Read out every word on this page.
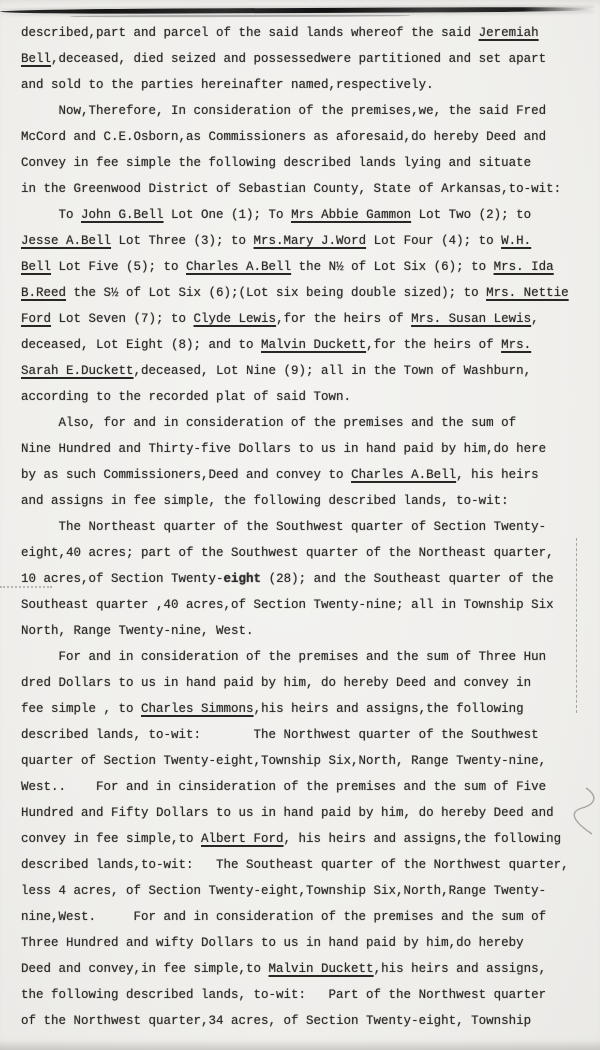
described,part and parcel of the said lands whereof the said Jeremiah
Bell,deceased, died seized and possessedwere partitioned and set apart
and sold to the parties hereinafter named,respectively.
Now,Therefore, In consideration of the premises,we, the said Fred
McCord and C.E.Osborn,as Commissioners as aforesaid,do hereby Deed and
Convey in fee simple the following described lands lying and situate
in the Greenwood District of Sebastian County, State of Arkansas,to-wit:
To John G.Bell Lot One (1); To Mrs Abbie Gammon Lot Two (2); to
Jesse A.Bell Lot Three (3); to Mrs.Mary J.Word Lot Four (4); to W.H.
Bell Lot Five (5); to Charles A.Bell the N½ of Lot Six (6); to Mrs. Ida
B.Reed the S½ of Lot Six (6);(Lot six being double sized); to Mrs. Nettie
Ford Lot Seven (7); to Clyde Lewis,for the heirs of Mrs. Susan Lewis,
deceased, Lot Eight (8); and to Malvin Duckett,for the heirs of Mrs.
Sarah E.Duckett,deceased, Lot Nine (9); all in the Town of Washburn,
according to the recorded plat of said Town.
Also, for and in consideration of the premises and the sum of
Nine Hundred and Thirty-five Dollars to us in hand paid by him,do here
by as such Commissioners,Deed and convey to Charles A.Bell, his heirs
and assigns in fee simple, the following described lands, to-wit:
The Northeast quarter of the Southwest quarter of Section Twenty-
eight,40 acres; part of the Southwest quarter of the Northeast quarter,
10 acres,of Section Twenty-eight (28); and the Southeast quarter of the
Southeast quarter ,40 acres,of Section Twenty-nine; all in Township Six
North, Range Twenty-nine, West.
For and in consideration of the premises and the sum of Three Hun
dred Dollars to us in hand paid by him, do hereby Deed and convey in
fee simple , to Charles Simmons,his heirs and assigns,the following
described lands, to-wit:       The Northwest quarter of the Southwest
quarter of Section Twenty-eight,Township Six,North, Range Twenty-nine,
West..    For and in cinsideration of the premises and the sum of Five
Hundred and Fifty Dollars to us in hand paid by him, do hereby Deed and
convey in fee simple,to Albert Ford, his heirs and assigns,the following
described lands,to-wit:   The Southeast quarter of the Northwest quarter,
less 4 acres, of Section Twenty-eight,Township Six,North,Range Twenty-
nine,West.     For and in consideration of the premises and the sum of
Three Hundred and wifty Dollars to us in hand paid by him,do hereby
Deed and convey,in fee simple,to Malvin Duckett,his heirs and assigns,
the following described lands, to-wit:   Part of the Northwest quarter
of the Northwest quarter,34 acres, of Section Twenty-eight, Township
